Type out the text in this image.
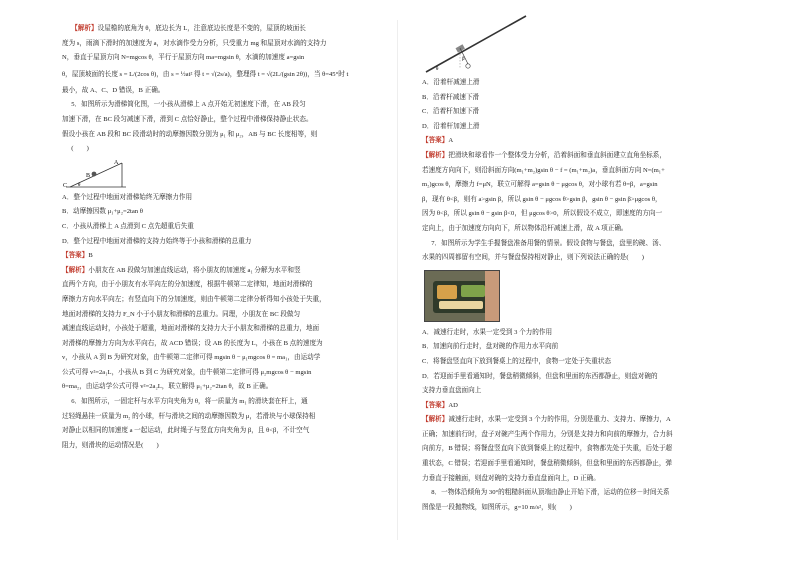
【解析】设屋檐的底角为 θ，底边长为 L，注意底边长度是不变的，屋顶的坡面长
度为 s，雨滴下滑时的加速度为 a，对水滴作受力分析，只受重力 mg 和屋顶对水滴的支持力
N，垂直于屋顶方向 N=mgcos θ，平行于屋顶方向 ma=mgsin θ，水滴的加速度 a=gsin
θ，屋顶坡面的长度 s = L/(2cos θ)，由 s = ½at² 得 t = √(2s/a)，整理得 t = √(2L/(gsin 2θ))，当 θ=45°时 t
最小，故 A、C、D 错误，B 正确。
5．如图所示为滑梯简化图，一小孩从滑梯上 A 点开始无初速度下滑，在 AB 段匀
加速下滑，在 BC 段匀减速下滑，滑到 C 点恰好静止，整个过程中滑梯保持静止状态。
假设小孩在 AB 段和 BC 段滑动时的动摩擦因数分别为 μ₁ 和 μ₂，AB 与 BC 长度相等，则
(　　)
C
B
A
θ
A．整个过程中地面对滑梯始终无摩擦力作用
B．动摩擦因数 μ₁+μ₂=2tan θ
C．小孩从滑梯上 A 点滑到 C 点先超重后失重
D．整个过程中地面对滑梯的支持力始终等于小孩和滑梯的总重力
【答案】B
【解析】小朋友在 AB 段做匀加速直线运动，将小朋友的加速度 a₁ 分解为水平和竖
直两个方向，由于小朋友有水平向左的分加速度，根据牛顿第二定律知，地面对滑梯的
摩擦力方向水平向左；有竖直向下的分加速度，则由牛顿第二定律分析得知小孩处于失重，
地面对滑梯的支持力 F_N 小于小朋友和滑梯的总重力。同理，小朋友在 BC 段做匀
减速直线运动时，小孩处于超重，地面对滑梯的支持力大于小朋友和滑梯的总重力，地面
对滑梯的摩擦力方向为水平向右，故 ACD 错误；设 AB 的长度为 L，小孩在 B 点的速度为
v，小孩从 A 到 B 为研究对象，由牛顿第二定律可得 mgsin θ − μ₁mgcos θ = ma₁，由运动学
公式可得 v²=2a₁L，小孩从 B 到 C 为研究对象，由牛顿第二定律可得 μ₂mgcos θ − mgsin
θ=ma₂，由运动学公式可得 v²=2a₂L，联立解得 μ₁+μ₂=2tan θ，故 B 正确。
6．如图所示，一固定杆与水平方向夹角为 θ，将一质量为 m₁ 的滑块套在杆上，通
过轻绳悬挂一质量为 m₂ 的小球，杆与滑块之间的动摩擦因数为 μ，若滑块与小球保持相
对静止以相同的加速度 a 一起运动，此时绳子与竖直方向夹角为 β，且 θ<β，不计空气
阻力，则滑块的运动情况是(　　)
β
θ
A．沿着杆减速上滑
B．沿着杆减速下滑
C．沿着杆加速下滑
D．沿着杆加速上滑
【答案】A
【解析】把滑块和球看作一个整体受力分析，沿着斜面和垂直斜面建立直角坐标系，
若速度方向向下，则沿斜面方向(m₁+m₂)gsin θ − f = (m₁+m₂)a，垂直斜面方向 N=(m₁+
m₂)gcos θ，摩擦力 f=μN，联立可解得 a=gsin θ − μgcos θ，对小球有若 θ=β，a=gsin
β，现有 θ<β，则有 a>gsin β，所以 gsin θ − μgcos θ>gsin β，gsin θ − gsin β>μgcos θ，
因为 θ<β，所以 gsin θ − gsin β<0，但 μgcos θ>0，所以假设不成立，即速度的方向一
定向上，由于加速度方向向下，所以物体沿杆减速上滑，故 A 项正确。
7．如图所示为学生手握餐盘准备用餐的情景。假设食物与餐盘，盘里的碗、汤、
水果的四周都留有空间，并与餐盘保持相对静止，则下列说法正确的是(　　)
A．减速行走时，水果一定受到 3 个力的作用
B．加速向前行走时，盘对碗的作用力水平向前
C．将餐盘竖直向下放到餐桌上的过程中，食物一定处于失重状态
D．若迎面手里看通知时，餐盘稍微倾斜，但盘和里面的东西都静止，则盘对碗的
支持力垂直盘面向上
【答案】AD
【解析】减速行走时，水果一定受到 3 个力的作用，分别是重力、支持力、摩擦力，A
正确；加速前行时，盘子对碗产生两个作用力，分别是支持力和向前的摩擦力，合力斜
向前方，B 错误；将餐盘竖直向下放到餐桌上的过程中，食物都先处于失重，后处于超
重状态，C 错误；若迎面手里看通知时，餐盘稍微倾斜，但盘和里面的东西都静止，弹
力垂直于接触面，则盘对碗的支持力垂直盘面向上，D 正确。
8．一物体沿倾角为 30°的粗糙斜面从顶端由静止开始下滑，运动的位移－时间关系
图像是一段抛物线，如图所示，g=10 m/s²，则(　　)
